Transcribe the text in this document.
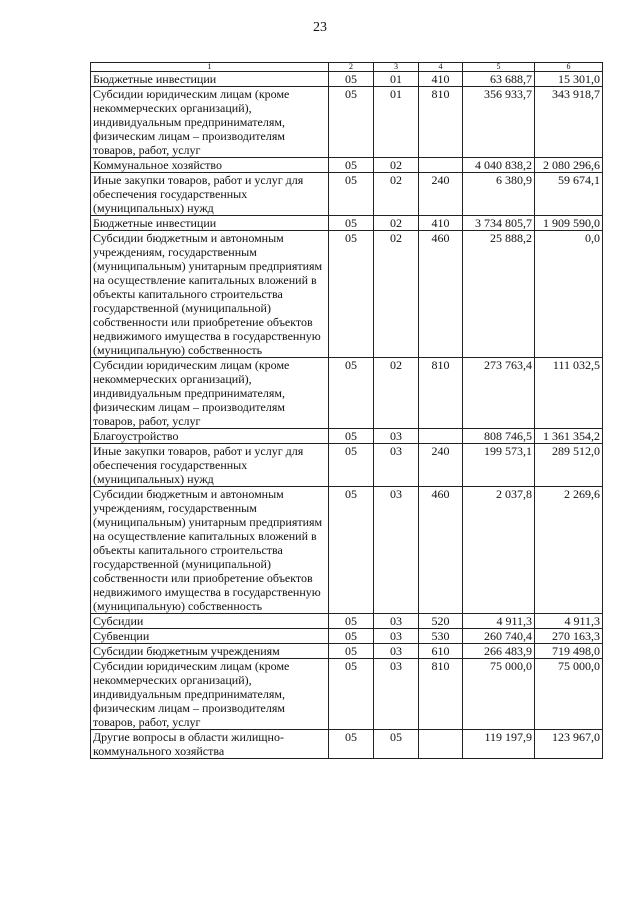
23
1	2	3	4	5	6
Бюджетные инвестиции	05	01	410	63 688,7	15 301,0
Субсидии юридическим лицам (кроме некоммерческих организаций), индивидуальным предпринимателям, физическим лицам – производителям товаров, работ, услуг	05	01	810	356 933,7	343 918,7
Коммунальное хозяйство	05	02		4 040 838,2	2 080 296,6
Иные закупки товаров, работ и услуг для обеспечения государственных (муниципальных) нужд	05	02	240	6 380,9	59 674,1
Бюджетные инвестиции	05	02	410	3 734 805,7	1 909 590,0
Субсидии бюджетным и автономным учреждениям, государственным (муниципальным) унитарным предприятиям на осуществление капитальных вложений в объекты капитального строительства государственной (муниципальной) собственности или приобретение объектов недвижимого имущества в государственную (муниципальную) собственность	05	02	460	25 888,2	0,0
Субсидии юридическим лицам (кроме некоммерческих организаций), индивидуальным предпринимателям, физическим лицам – производителям товаров, работ, услуг	05	02	810	273 763,4	111 032,5
Благоустройство	05	03		808 746,5	1 361 354,2
Иные закупки товаров, работ и услуг для обеспечения государственных (муниципальных) нужд	05	03	240	199 573,1	289 512,0
Субсидии бюджетным и автономным учреждениям, государственным (муниципальным) унитарным предприятиям на осуществление капитальных вложений в объекты капитального строительства государственной (муниципальной) собственности или приобретение объектов недвижимого имущества в государственную (муниципальную) собственность	05	03	460	2 037,8	2 269,6
Субсидии	05	03	520	4 911,3	4 911,3
Субвенции	05	03	530	260 740,4	270 163,3
Субсидии бюджетным учреждениям	05	03	610	266 483,9	719 498,0
Субсидии юридическим лицам (кроме некоммерческих организаций), индивидуальным предпринимателям, физическим лицам – производителям товаров, работ, услуг	05	03	810	75 000,0	75 000,0
Другие вопросы в области жилищно-коммунального хозяйства	05	05		119 197,9	123 967,0
